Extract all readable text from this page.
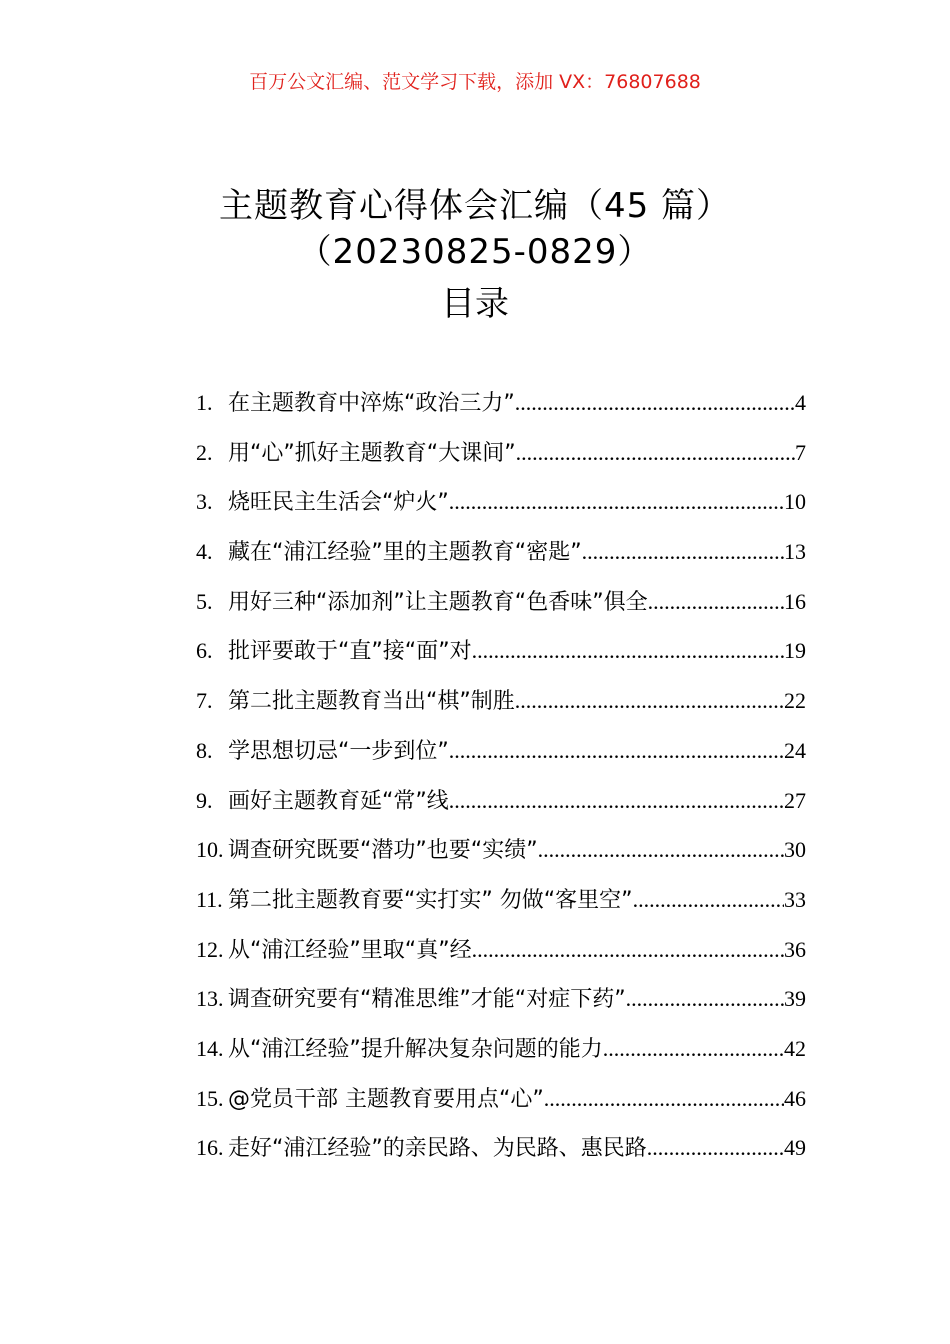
百万公文汇编、范文学习下载，添加 VX：76807688
主题教育心得体会汇编（45 篇）（20230825-0829）
目录
1. 在主题教育中淬炼“政治三力” .....	4
2. 用“心”抓好主题教育“大课间” .....	7
3. 烧旺民主生活会“炉火” .....	10
4. 藏在“浦江经验”里的主题教育“密匙” .....	13
5. 用好三种“添加剂”让主题教育“色香味”俱全 .....	16
6. 批评要敢于“直”接“面”对 .....	19
7. 第二批主题教育当出“棋”制胜 .....	22
8. 学思想切忌“一步到位” .....	24
9. 画好主题教育延“常”线 .....	27
10. 调查研究既要“潜功”也要“实绩” .....	30
11. 第二批主题教育要“实打实” 勿做“客里空” .....	33
12. 从“浦江经验”里取“真”经 .....	36
13. 调查研究要有“精准思维”才能“对症下药” .....	39
14. 从“浦江经验”提升解决复杂问题的能力 .....	42
15. @党员干部 主题教育要用点“心” .....	46
16. 走好“浦江经验”的亲民路、为民路、惠民路 .....	49
